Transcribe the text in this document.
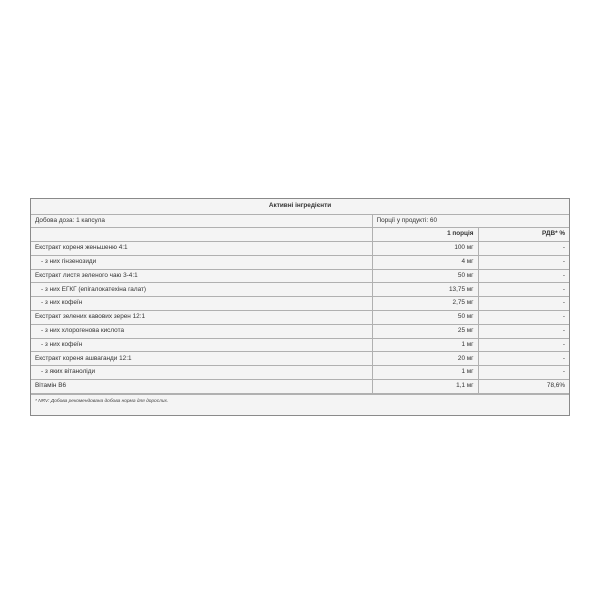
Активні інгредієнти		
Добова доза: 1 капсула	Порції у продукті: 60	
	1 порція	РДВ* %
Екстракт кореня женьшеню 4:1	100 мг	-
- з них гінзенозиди	4 мг	-
Екстракт листя зеленого чаю 3-4:1	50 мг	-
- з них ЕГКГ (епігалокатехіна галат)	13,75 мг	-
- з них кофеїн	2,75 мг	-
Екстракт зелених кавових зерен 12:1	50 мг	-
- з них хлорогенова кислота	25 мг	-
- з них кофеїн	1 мг	-
Екстракт кореня ашваганди 12:1	20 мг	-
- з яких вітаноліди	1 мг	-
Вітамін В6	1,1 мг	78,6%
* NRV: Добова рекомендована добова норма для дорослих.
